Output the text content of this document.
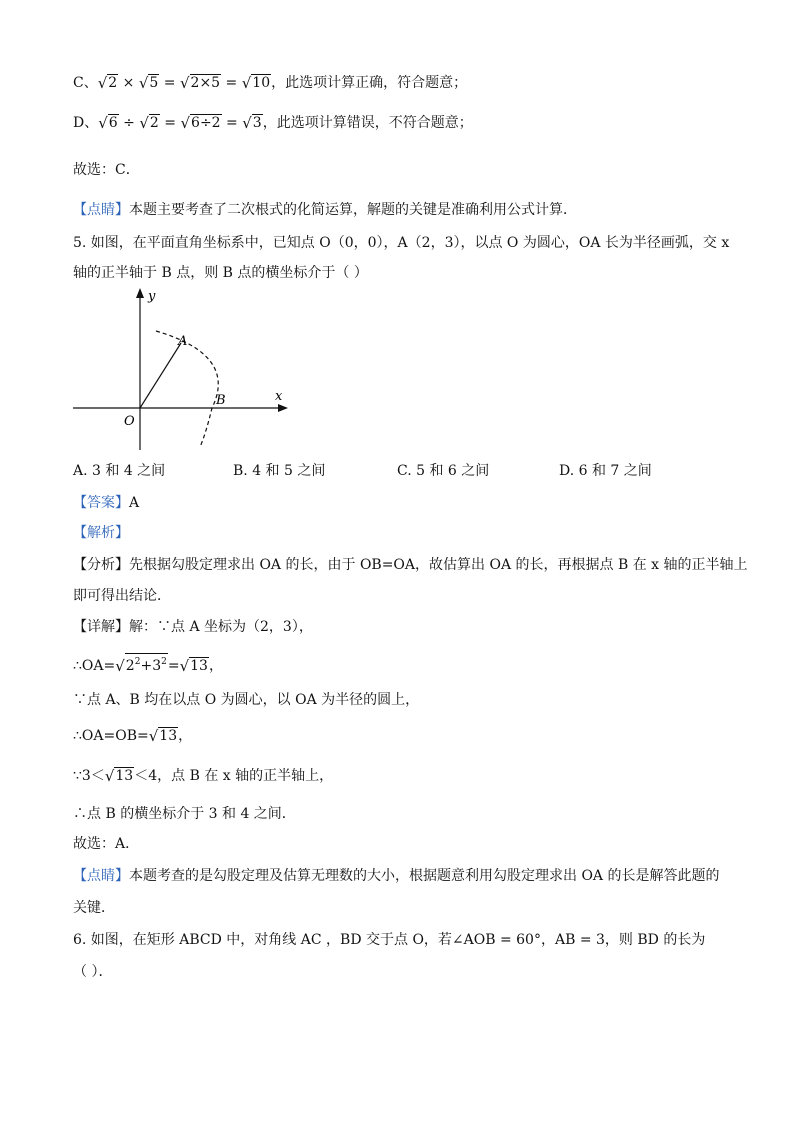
C、√2 × √5 = √2×5 = √10，此选项计算正确，符合题意；
D、√6 ÷ √2 = √6÷2 = √3，此选项计算错误，不符合题意；
故选：C．
【点睛】本题主要考查了二次根式的化简运算，解题的关键是准确利用公式计算．
5. 如图，在平面直角坐标系中，已知点 O（0，0），A（2，3），以点 O 为圆心，OA 长为半径画弧，交 x
轴的正半轴于 B 点，则 B 点的横坐标介于（ ）
y
x
A
B
O
A. 3 和 4 之间	B. 4 和 5 之间	C. 5 和 6 之间	D. 6 和 7 之间
【答案】A
【解析】
【分析】先根据勾股定理求出 OA 的长，由于 OB=OA，故估算出 OA 的长，再根据点 B 在 x 轴的正半轴上
即可得出结论．
【详解】解：∵点 A 坐标为（2，3），
$\therefore OA=√2^2+3^2=√13$，
∵点 A、B 均在以点 O 为圆心，以 OA 为半径的圆上，
∴OA=OB=√13，
∵3＜√13＜4，点 B 在 x 轴的正半轴上，
∴点 B 的横坐标介于 3 和 4 之间．
故选：A．
【点睛】本题考查的是勾股定理及估算无理数的大小，根据题意利用勾股定理求出 OA 的长是解答此题的
关键．
6. 如图，在矩形 ABCD 中，对角线 AC ，BD 交于点 O，若∠AOB = 60°，AB = 3，则 BD 的长为
（ ）．
